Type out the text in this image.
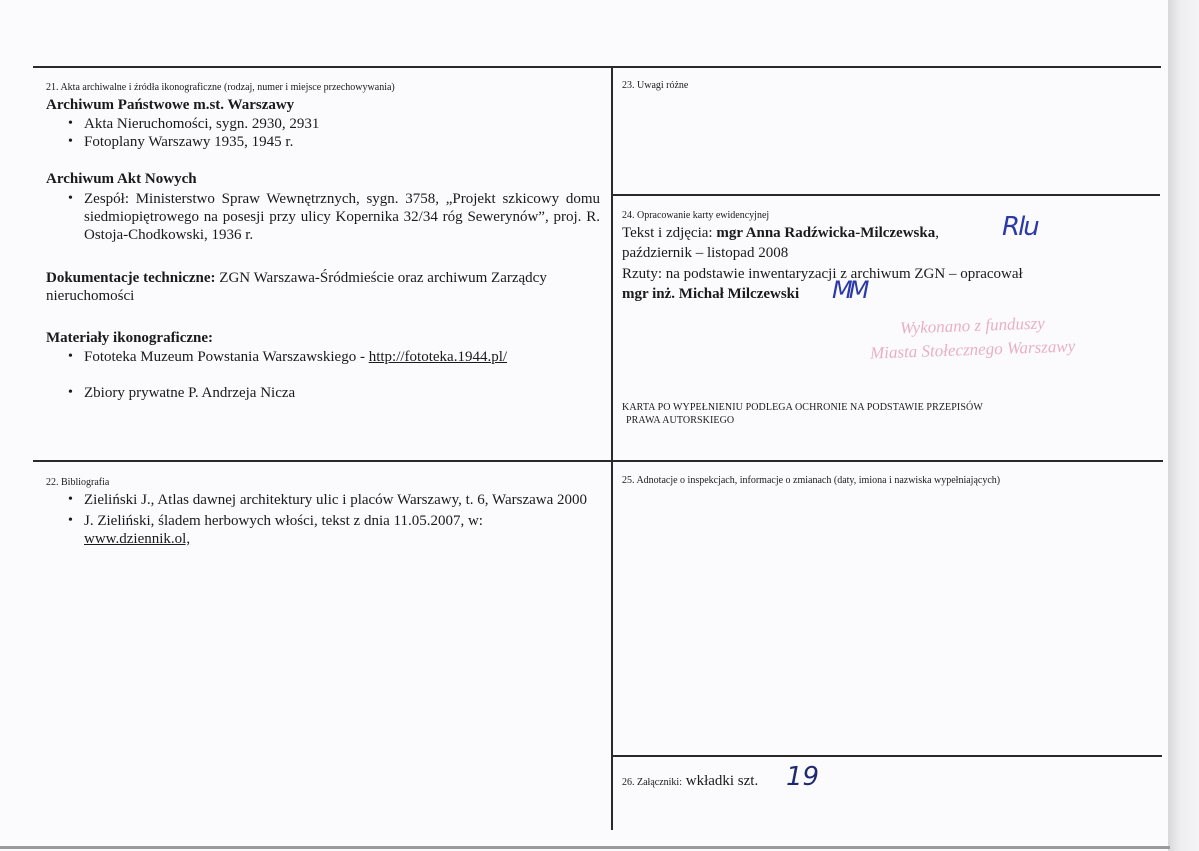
21. Akta archiwalne i źródła ikonograficzne (rodzaj, numer i miejsce przechowywania)
Archiwum Państwowe m.st. Warszawy
• Akta Nieruchomości, sygn. 2930, 2931
• Fotoplany Warszawy 1935, 1945 r.
Archiwum Akt Nowych
• Zespół: Ministerstwo Spraw Wewnętrznych, sygn. 3758, „Projekt szkicowy domu siedmiopiętrowego na posesji przy ulicy Kopernika 32/34 róg Sewerynów”, proj. R. Ostoja-Chodkowski, 1936 r.
Dokumentacje techniczne: ZGN Warszawa-Śródmieście oraz archiwum Zarządcy nieruchomości
Materiały ikonograficzne:
• Fototeka Muzeum Powstania Warszawskiego - http://fototeka.1944.pl/
• Zbiory prywatne P. Andrzeja Nicza
22. Bibliografia
• Zieliński J., Atlas dawnej architektury ulic i placów Warszawy, t. 6, Warszawa 2000
• J. Zieliński, śladem herbowych włości, tekst z dnia 11.05.2007, w:
www.dziennik.ol,
23. Uwagi różne
24. Opracowanie karty ewidencyjnej
Tekst i zdjęcia: mgr Anna Radźwicka-Milczewska, Rlu
październik – listopad 2008
Rzuty: na podstawie inwentaryzacji z archiwum ZGN – opracował
mgr inż. Michał Milczewski MM
Wykonano z funduszy
Miasta Stołecznego Warszawy
KARTA PO WYPEŁNIENIU PODLEGA OCHRONIE NA PODSTAWIE PRZEPISÓW
PRAWA AUTORSKIEGO
25. Adnotacje o inspekcjach, informacje o zmianach (daty, imiona i nazwiska wypełniających)
26. Załączniki: wkładki szt. 19
